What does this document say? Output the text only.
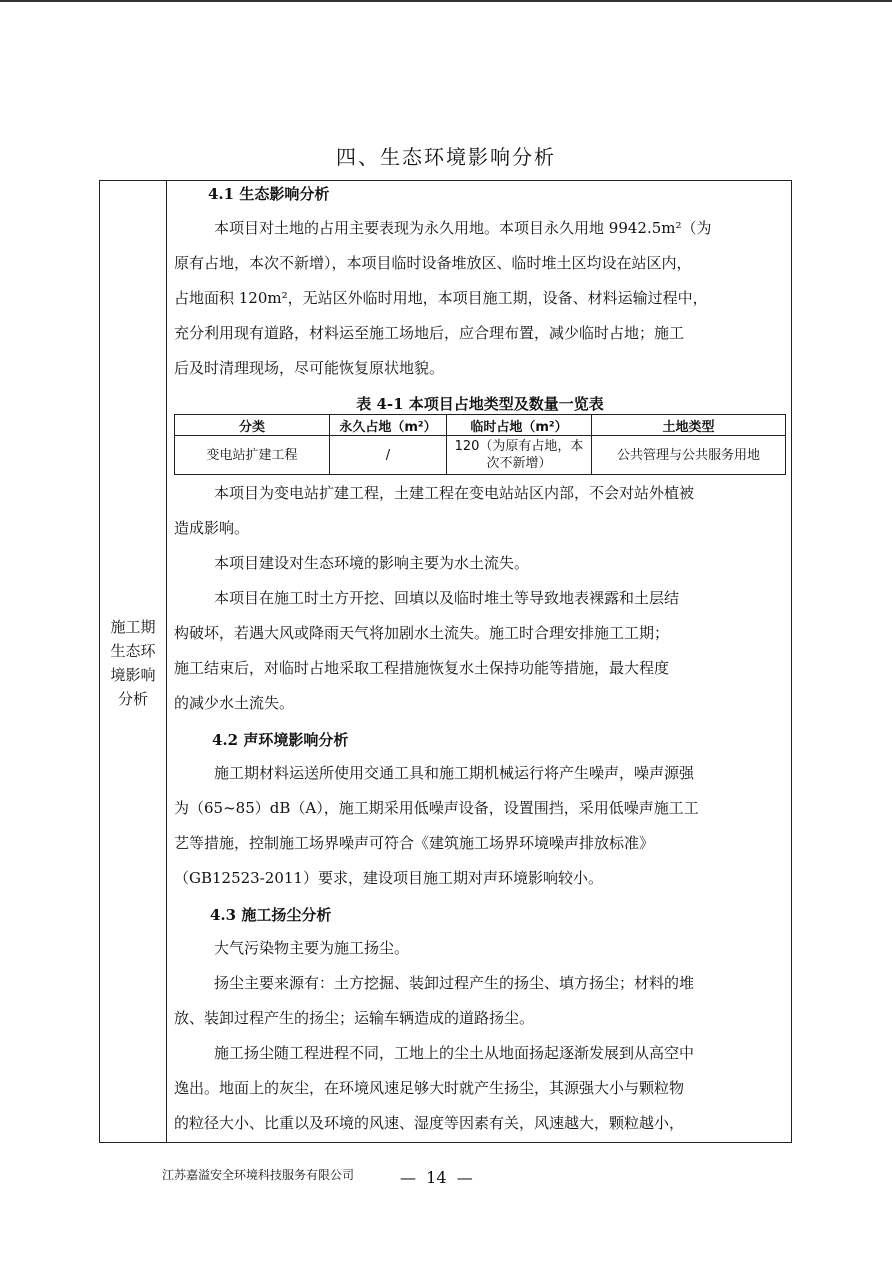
四、生态环境影响分析
施工期
生态环
境影响
分析
4.1 生态影响分析
本项目对土地的占用主要表现为永久用地。本项目永久用地 9942.5m²（为
原有占地，本次不新增），本项目临时设备堆放区、临时堆土区均设在站区内，
占地面积 120m²，无站区外临时用地，本项目施工期，设备、材料运输过程中，
充分利用现有道路，材料运至施工场地后，应合理布置，减少临时占地；施工
后及时清理现场，尽可能恢复原状地貌。
表 4-1 本项目占地类型及数量一览表
分类	永久占地（m²）	临时占地（m²）	土地类型
变电站扩建工程	/	120（为原有占地，本次不新增）	公共管理与公共服务用地
本项目为变电站扩建工程，土建工程在变电站站区内部，不会对站外植被
造成影响。
本项目建设对生态环境的影响主要为水土流失。
本项目在施工时土方开挖、回填以及临时堆土等导致地表裸露和土层结
构破坏，若遇大风或降雨天气将加剧水土流失。施工时合理安排施工工期；
施工结束后，对临时占地采取工程措施恢复水土保持功能等措施，最大程度
的减少水土流失。
4.2 声环境影响分析
施工期材料运送所使用交通工具和施工期机械运行将产生噪声，噪声源强
为（65~85）dB（A），施工期采用低噪声设备，设置围挡，采用低噪声施工工
艺等措施，控制施工场界噪声可符合《建筑施工场界环境噪声排放标准》
（GB12523-2011）要求，建设项目施工期对声环境影响较小。
4.3 施工扬尘分析
大气污染物主要为施工扬尘。
扬尘主要来源有：土方挖掘、装卸过程产生的扬尘、填方扬尘；材料的堆
放、装卸过程产生的扬尘；运输车辆造成的道路扬尘。
施工扬尘随工程进程不同，工地上的尘土从地面扬起逐渐发展到从高空中
逸出。地面上的灰尘，在环境风速足够大时就产生扬尘，其源强大小与颗粒物
的粒径大小、比重以及环境的风速、湿度等因素有关，风速越大，颗粒越小，
江苏嘉溢安全环境科技服务有限公司	—  14  —
